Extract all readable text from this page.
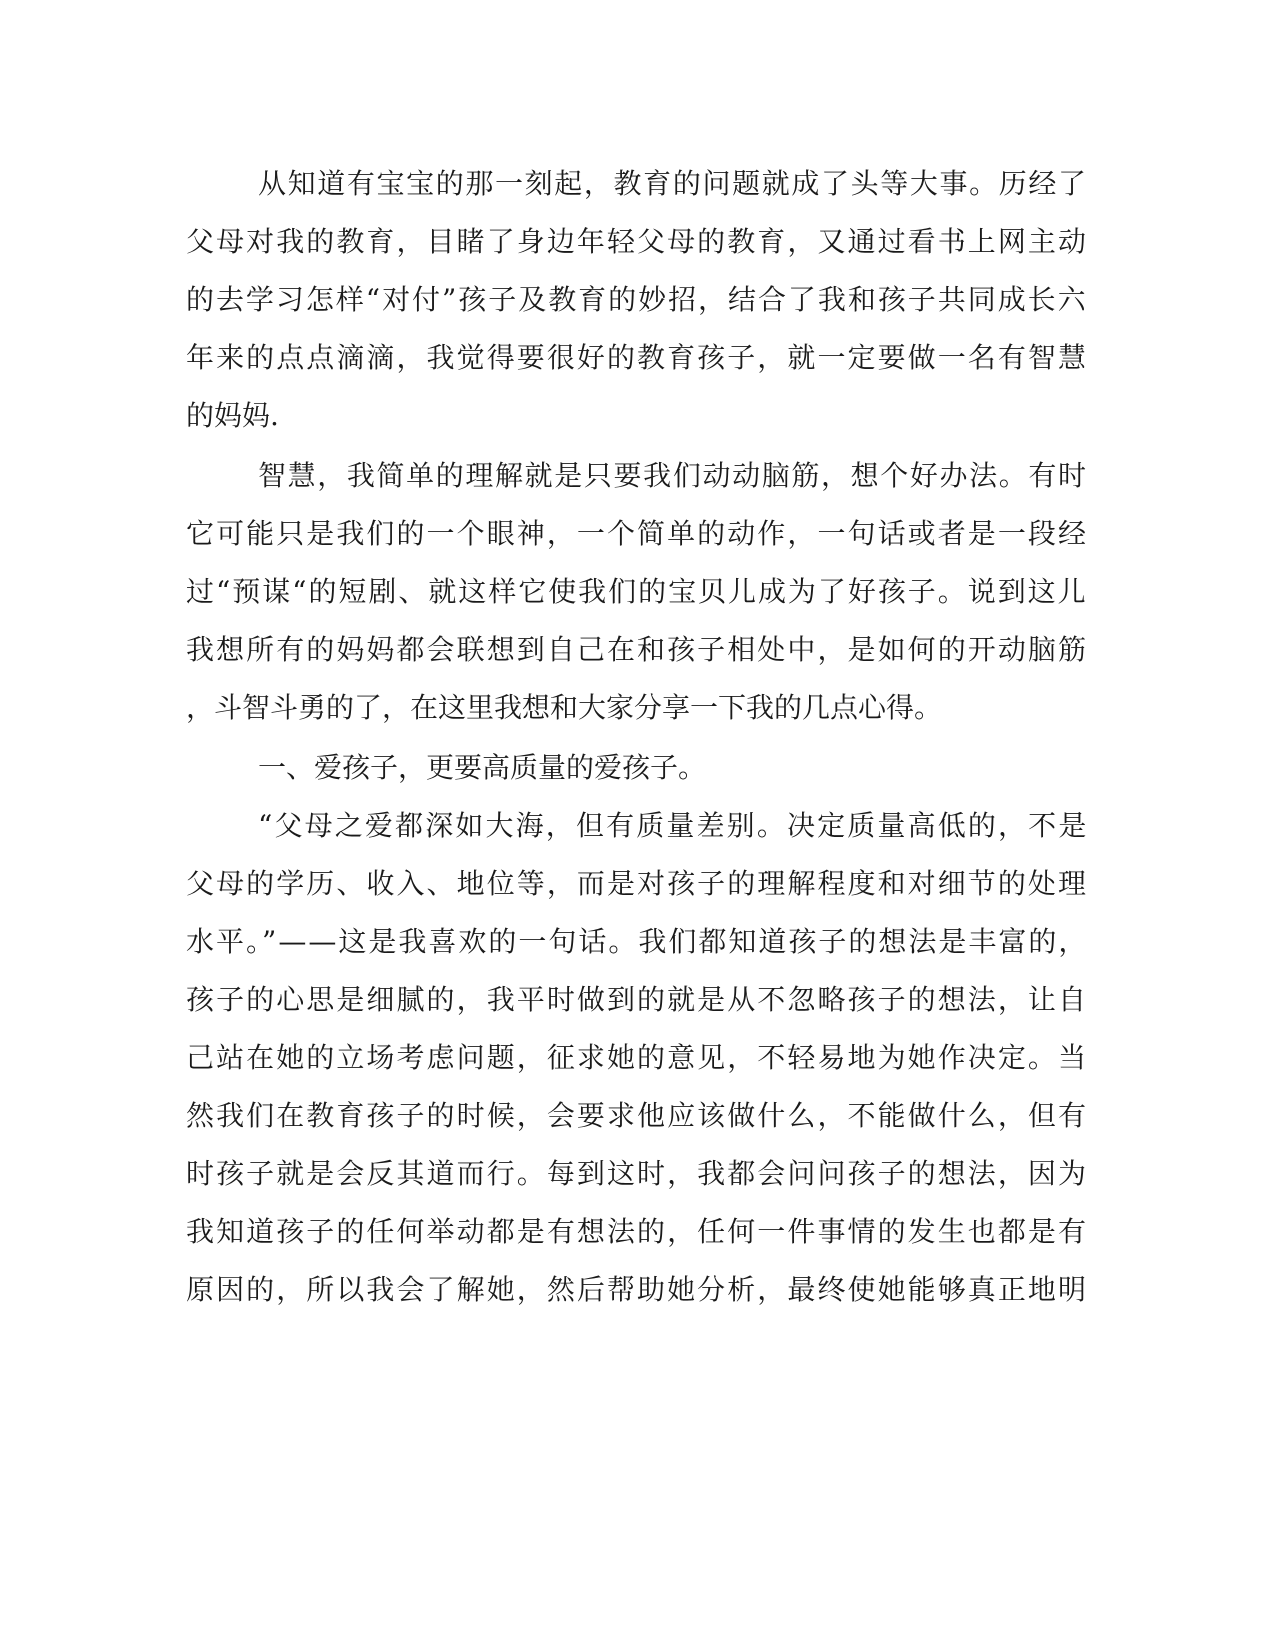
从知道有宝宝的那一刻起，教育的问题就成了头等大事。历经了
父母对我的教育，目睹了身边年轻父母的教育，又通过看书上网主动
的去学习怎样“对付”孩子及教育的妙招，结合了我和孩子共同成长六
年来的点点滴滴，我觉得要很好的教育孩子，就一定要做一名有智慧
的妈妈.
智慧，我简单的理解就是只要我们动动脑筋，想个好办法。有时
它可能只是我们的一个眼神，一个简单的动作，一句话或者是一段经
过“预谋“的短剧、就这样它使我们的宝贝儿成为了好孩子。说到这儿
我想所有的妈妈都会联想到自己在和孩子相处中，是如何的开动脑筋
，斗智斗勇的了，在这里我想和大家分享一下我的几点心得。
一、爱孩子，更要高质量的爱孩子。
“父母之爱都深如大海，但有质量差别。决定质量高低的，不是
父母的学历、收入、地位等，而是对孩子的理解程度和对细节的处理
水平。”——这是我喜欢的一句话。我们都知道孩子的想法是丰富的，
孩子的心思是细腻的，我平时做到的就是从不忽略孩子的想法，让自
己站在她的立场考虑问题，征求她的意见，不轻易地为她作决定。当
然我们在教育孩子的时候，会要求他应该做什么，不能做什么，但有
时孩子就是会反其道而行。每到这时，我都会问问孩子的想法，因为
我知道孩子的任何举动都是有想法的，任何一件事情的发生也都是有
原因的，所以我会了解她，然后帮助她分析，最终使她能够真正地明
